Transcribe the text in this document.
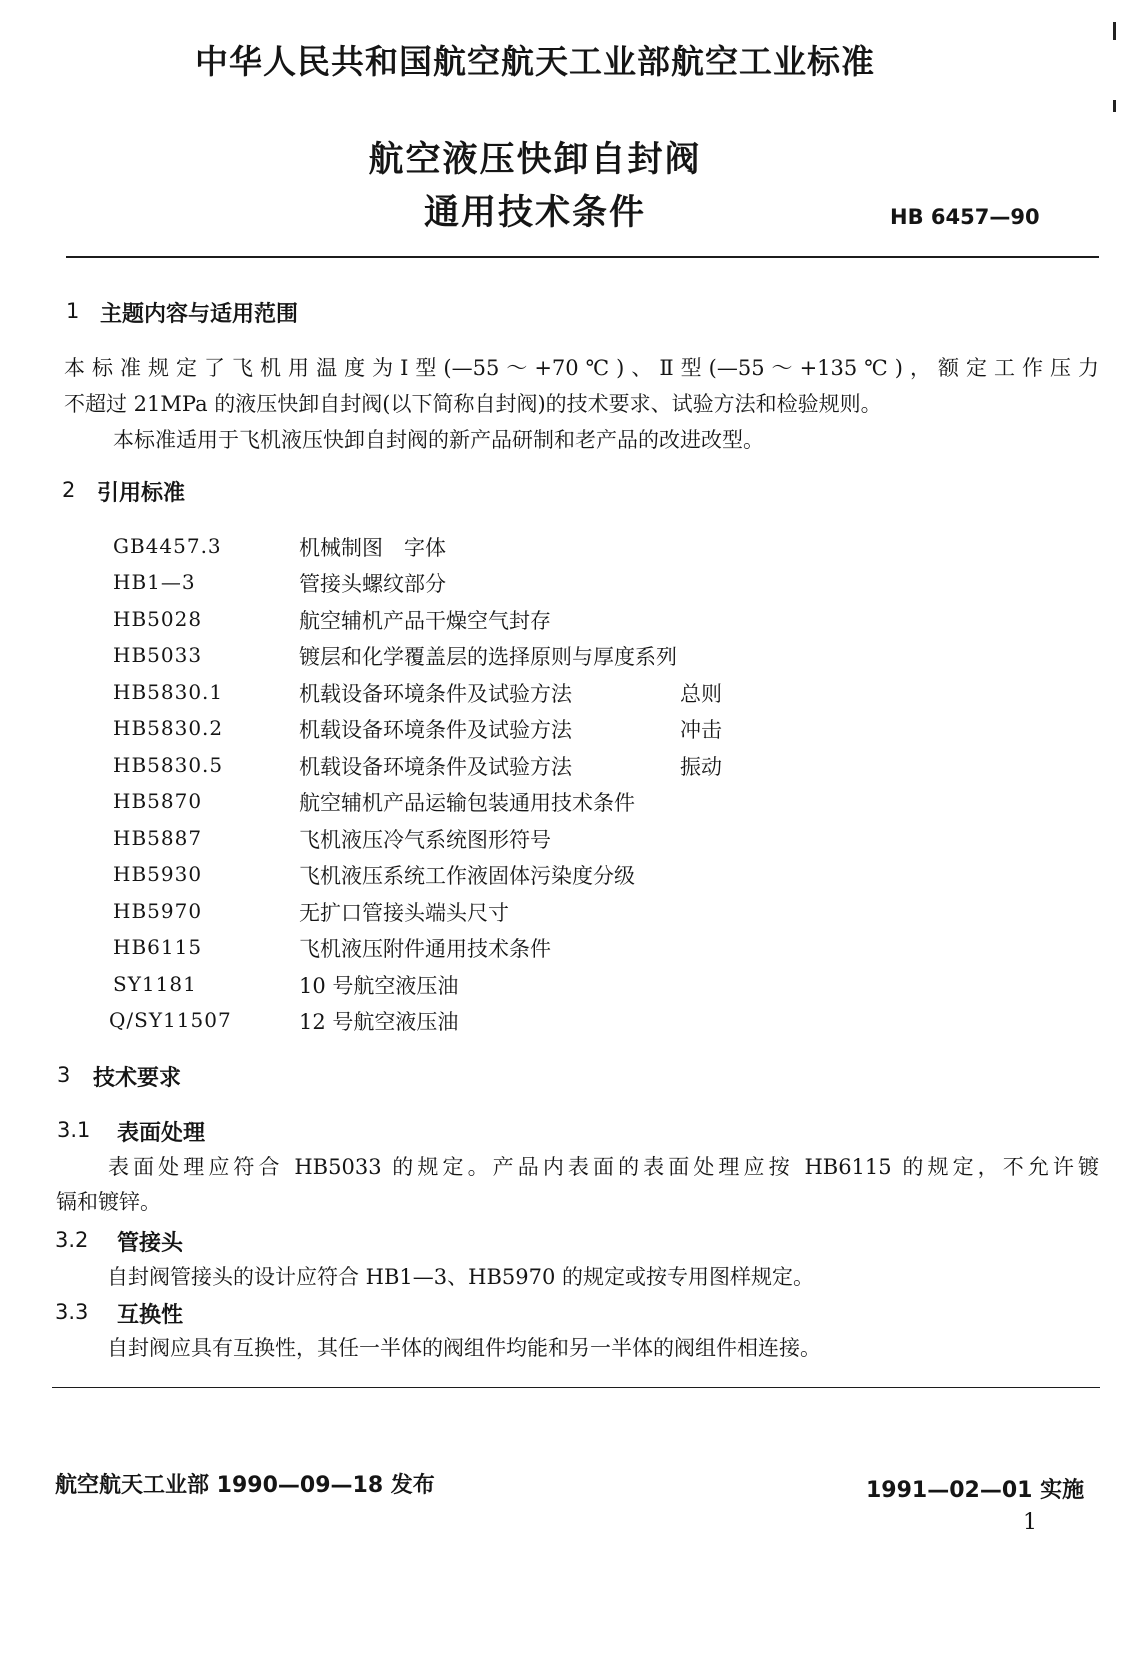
中华人民共和国航空航天工业部航空工业标准
航空液压快卸自封阀
通用技术条件	HB 6457—90
1 主题内容与适用范围
本标准规定了飞机用温度为Ⅰ型(—55～+70℃)、Ⅱ型(—55～+135℃)，额定工作压力
不超过 21MPa 的液压快卸自封阀(以下简称自封阀)的技术要求、试验方法和检验规则。
本标准适用于飞机液压快卸自封阀的新产品研制和老产品的改进改型。
2 引用标准
GB4457.3	机械制图　字体
HB1—3	管接头螺纹部分
HB5028	航空辅机产品干燥空气封存
HB5033	镀层和化学覆盖层的选择原则与厚度系列
HB5830.1	机载设备环境条件及试验方法	总则
HB5830.2	机载设备环境条件及试验方法	冲击
HB5830.5	机载设备环境条件及试验方法	振动
HB5870	航空辅机产品运输包装通用技术条件
HB5887	飞机液压冷气系统图形符号
HB5930	飞机液压系统工作液固体污染度分级
HB5970	无扩口管接头端头尺寸
HB6115	飞机液压附件通用技术条件
SY1181	10 号航空液压油
Q/SY11507	12 号航空液压油
3 技术要求
3.1 表面处理
表面处理应符合 HB5033 的规定。产品内表面的表面处理应按 HB6115 的规定，不允许镀
镉和镀锌。
3.2 管接头
自封阀管接头的设计应符合 HB1—3、HB5970 的规定或按专用图样规定。
3.3 互换性
自封阀应具有互换性，其任一半体的阀组件均能和另一半体的阀组件相连接。
航空航天工业部 1990—09—18 发布	1991—02—01 实施
1
